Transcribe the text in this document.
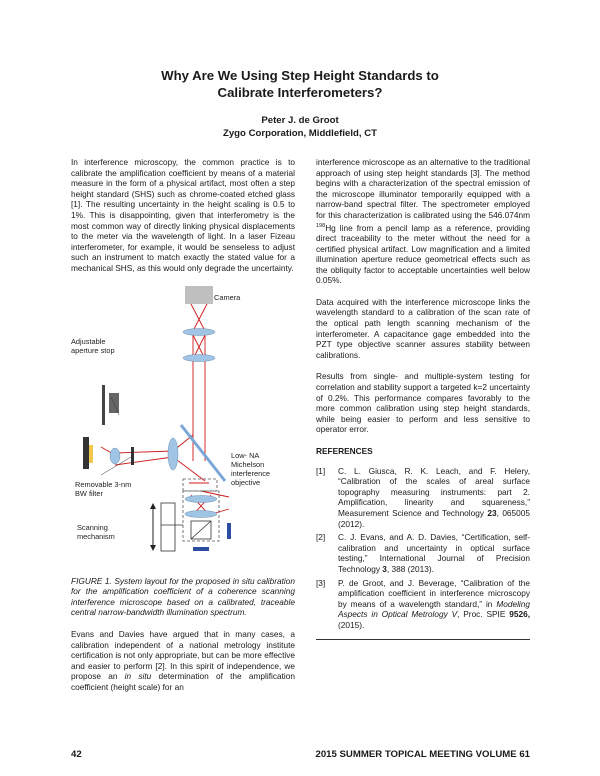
Why Are We Using Step Height Standards to
Calibrate Interferometers?
Peter J. de Groot
Zygo Corporation, Middlefield, CT

In interference microscopy, the common practice is to calibrate the amplification coefficient by means of a material measure in the form of a physical artifact, most often a step height standard (SHS) such as chrome-coated etched glass [1]. The resulting uncertainty in the height scaling is 0.5 to 1%. This is disappointing, given that interferometry is the most common way of directly linking physical displacements to the meter via the wavelength of light. In a laser Fizeau interferometer, for example, it would be senseless to adjust such an instrument to match exactly the stated value for a mechanical SHS, as this would only degrade the uncertainty.

Camera
Adjustable aperture stop
Low- NA Michelson interference objective
Removable 3-nm BW filter
Scanning mechanism

FIGURE 1. System layout for the proposed in situ calibration for the amplification coefficient of a coherence scanning interference microscope based on a calibrated, traceable central narrow-bandwidth illumination spectrum.

Evans and Davies have argued that in many cases, a calibration independent of a national metrology institute certification is not only appropriate, but can be more effective and easier to perform [2]. In this spirit of independence, we propose an in situ determination of the amplification coefficient (height scale) for an

interference microscope as an alternative to the traditional approach of using step height standards [3]. The method begins with a characterization of the spectral emission of the microscope illuminator temporarily equipped with a narrow-band spectral filter. The spectrometer employed for this characterization is calibrated using the 546.074nm $^{198}$Hg line from a pencil lamp as a reference, providing direct traceability to the meter without the need for a certified physical artifact. Low magnification and a limited illumination aperture reduce geometrical effects such as the obliquity factor to acceptable uncertainties well below 0.05%.

Data acquired with the interference microscope links the wavelength standard to a calibration of the scan rate of the optical path length scanning mechanism of the interferometer. A capacitance gage embedded into the PZT type objective scanner assures stability between calibrations.

Results from single- and multiple-system testing for correlation and stability support a targeted k=2 uncertainty of 0.2%. This performance compares favorably to the more common calibration using step height standards, while being easier to perform and less sensitive to operator error.

REFERENCES
[1]	C. L. Giusca, R. K. Leach, and F. Helery, “Calibration of the scales of areal surface topography measuring instruments: part 2. Amplification, linearity and squareness,” Measurement Science and Technology 23, 065005 (2012).
[2]	C. J. Evans, and A. D. Davies, “Certification, self-calibration and uncertainty in optical surface testing,” International Journal of Precision Technology 3, 388 (2013).
[3]	P. de Groot, and J. Beverage, “Calibration of the amplification coefficient in interference microscopy by means of a wavelength standard,” in Modeling Aspects in Optical Metrology V, Proc. SPIE 9526, (2015).
42	2015 SUMMER TOPICAL MEETING VOLUME 61
